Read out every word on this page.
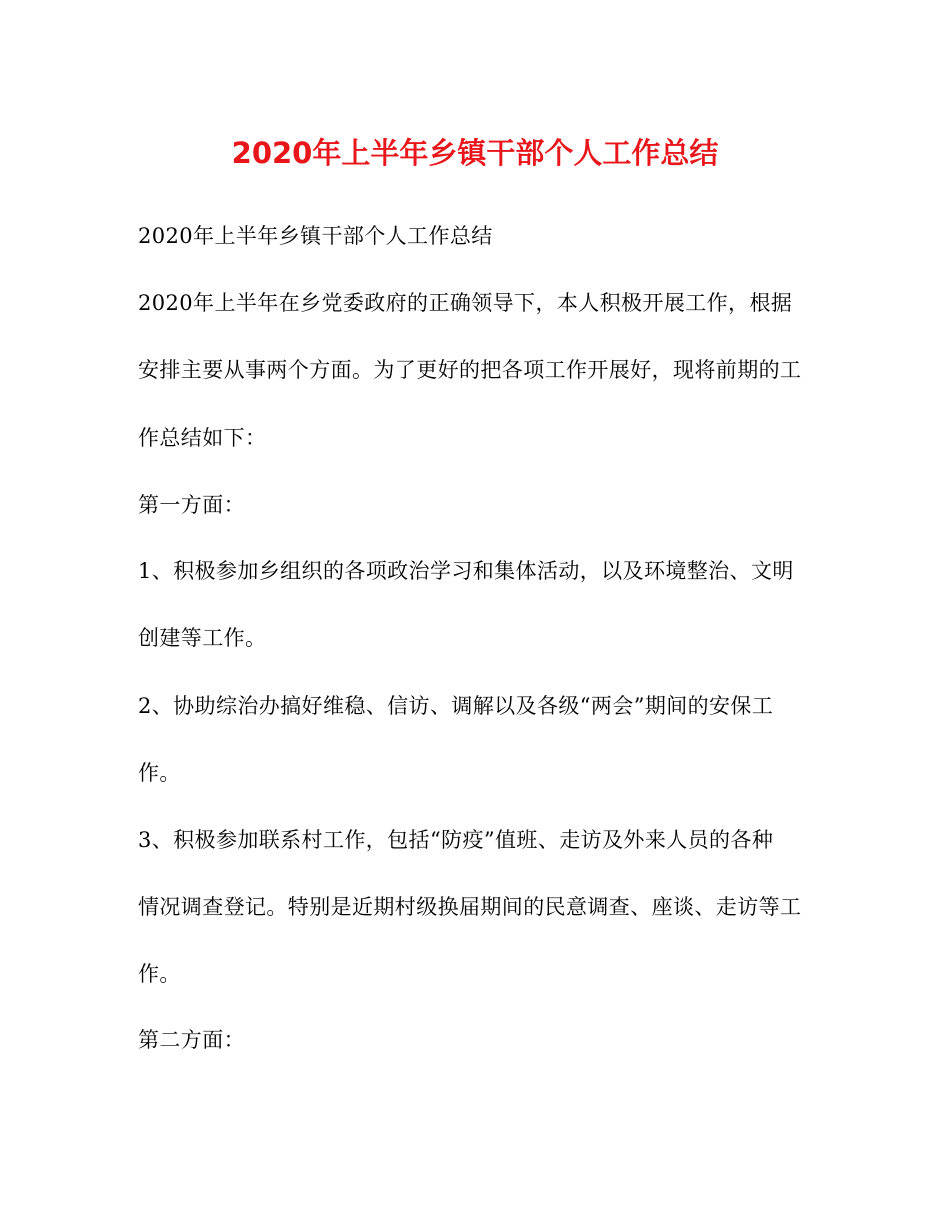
2020年上半年乡镇干部个人工作总结
2020年上半年乡镇干部个人工作总结
2020年上半年在乡党委政府的正确领导下，本人积极开展工作，根据
安排主要从事两个方面。为了更好的把各项工作开展好，现将前期的工
作总结如下：
第一方面：
1、积极参加乡组织的各项政治学习和集体活动，以及环境整治、文明
创建等工作。
2、协助综治办搞好维稳、信访、调解以及各级“两会”期间的安保工
作。
3、积极参加联系村工作，包括“防疫”值班、走访及外来人员的各种
情况调查登记。特别是近期村级换届期间的民意调查、座谈、走访等工
作。
第二方面：
